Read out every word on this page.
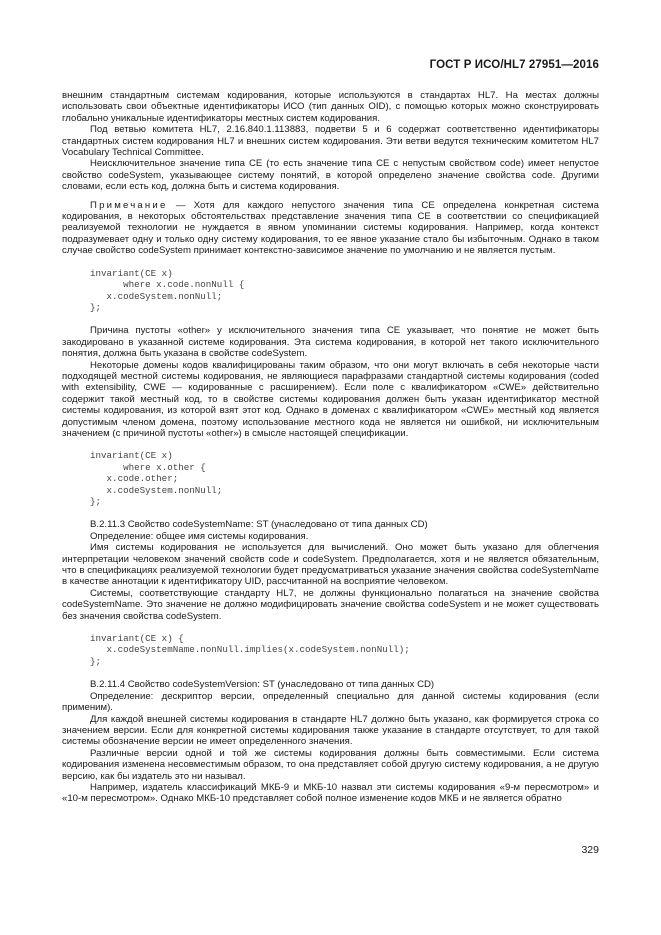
ГОСТ Р ИСО/HL7 27951—2016

внешним стандартным системам кодирования, которые используются в стандартах HL7. На местах должны использовать свои объектные идентификаторы ИСО (тип данных OID), с помощью которых можно сконструировать глобально уникальные идентификаторы местных систем кодирования.

Под ветвью комитета HL7, 2.16.840.1.113883, подветви 5 и 6 содержат соответственно идентификаторы стандартных систем кодирования HL7 и внешних систем кодирования. Эти ветви ведутся техническим комитетом HL7 Vocabulary Technical Committee.

Неисключительное значение типа CE (то есть значение типа CE с непустым свойством code) имеет непустое свойство codeSystem, указывающее систему понятий, в которой определено значение свойства code. Другими словами, если есть код, должна быть и система кодирования.

Примечание — Хотя для каждого непустого значения типа CE определена конкретная система кодирования, в некоторых обстоятельствах представление значения типа CE в соответствии со спецификацией реализуемой технологии не нуждается в явном упоминании системы кодирования. Например, когда контекст подразумевает одну и только одну систему кодирования, то ее явное указание стало бы избыточным. Однако в таком случае свойство codeSystem принимает контекстно-зависимое значение по умолчанию и не является пустым.

invariant(CE x)
where x.code.nonNull {
x.codeSystem.nonNull;
};

Причина пустоты «other» у исключительного значения типа CE указывает, что понятие не может быть закодировано в указанной системе кодирования. Эта система кодирования, в которой нет такого исключительного понятия, должна быть указана в свойстве codeSystem.

Некоторые домены кодов квалифицированы таким образом, что они могут включать в себя некоторые части подходящей местной системы кодирования, не являющиеся парафразами стандартной системы кодирования (coded with extensibility, CWE — кодированные с расширением). Если поле с квалификатором «CWE» действительно содержит такой местный код, то в свойстве системы кодирования должен быть указан идентификатор местной системы кодирования, из которой взят этот код. Однако в доменах с квалификатором «CWE» местный код является допустимым членом домена, поэтому использование местного кода не является ни ошибкой, ни исключительным значением (с причиной пустоты «other») в смысле настоящей спецификации.

invariant(CE x)
where x.other {
x.code.other;
x.codeSystem.nonNull;
};

B.2.11.3 Свойство codeSystemName: ST (унаследовано от типа данных CD)

Определение: общее имя системы кодирования.

Имя системы кодирования не используется для вычислений. Оно может быть указано для облегчения интерпретации человеком значений свойств code и codeSystem. Предполагается, хотя и не является обязательным, что в спецификациях реализуемой технологии будет предусматриваться указание значения свойства codeSystemName в качестве аннотации к идентификатору UID, рассчитанной на восприятие человеком.

Системы, соответствующие стандарту HL7, не должны функционально полагаться на значение свойства codeSystemName. Это значение не должно модифицировать значение свойства codeSystem и не может существовать без значения свойства codeSystem.

invariant(CE x) {
x.codeSystemName.nonNull.implies(x.codeSystem.nonNull);
};

B.2.11.4 Свойство codeSystemVersion: ST (унаследовано от типа данных CD)

Определение: дескриптор версии, определенный специально для данной системы кодирования (если применим).

Для каждой внешней системы кодирования в стандарте HL7 должно быть указано, как формируется строка со значением версии. Если для конкретной системы кодирования также указание в стандарте отсутствует, то для такой системы обозначение версии не имеет определенного значения.

Различные версии одной и той же системы кодирования должны быть совместимыми. Если система кодирования изменена несовместимым образом, то она представляет собой другую систему кодирования, а не другую версию, как бы издатель это ни называл.

Например, издатель классификаций МКБ-9 и МКБ-10 назвал эти системы кодирования «9-м пересмотром» и «10-м пересмотром». Однако МКБ-10 представляет собой полное изменение кодов МКБ и не является обратно

329
